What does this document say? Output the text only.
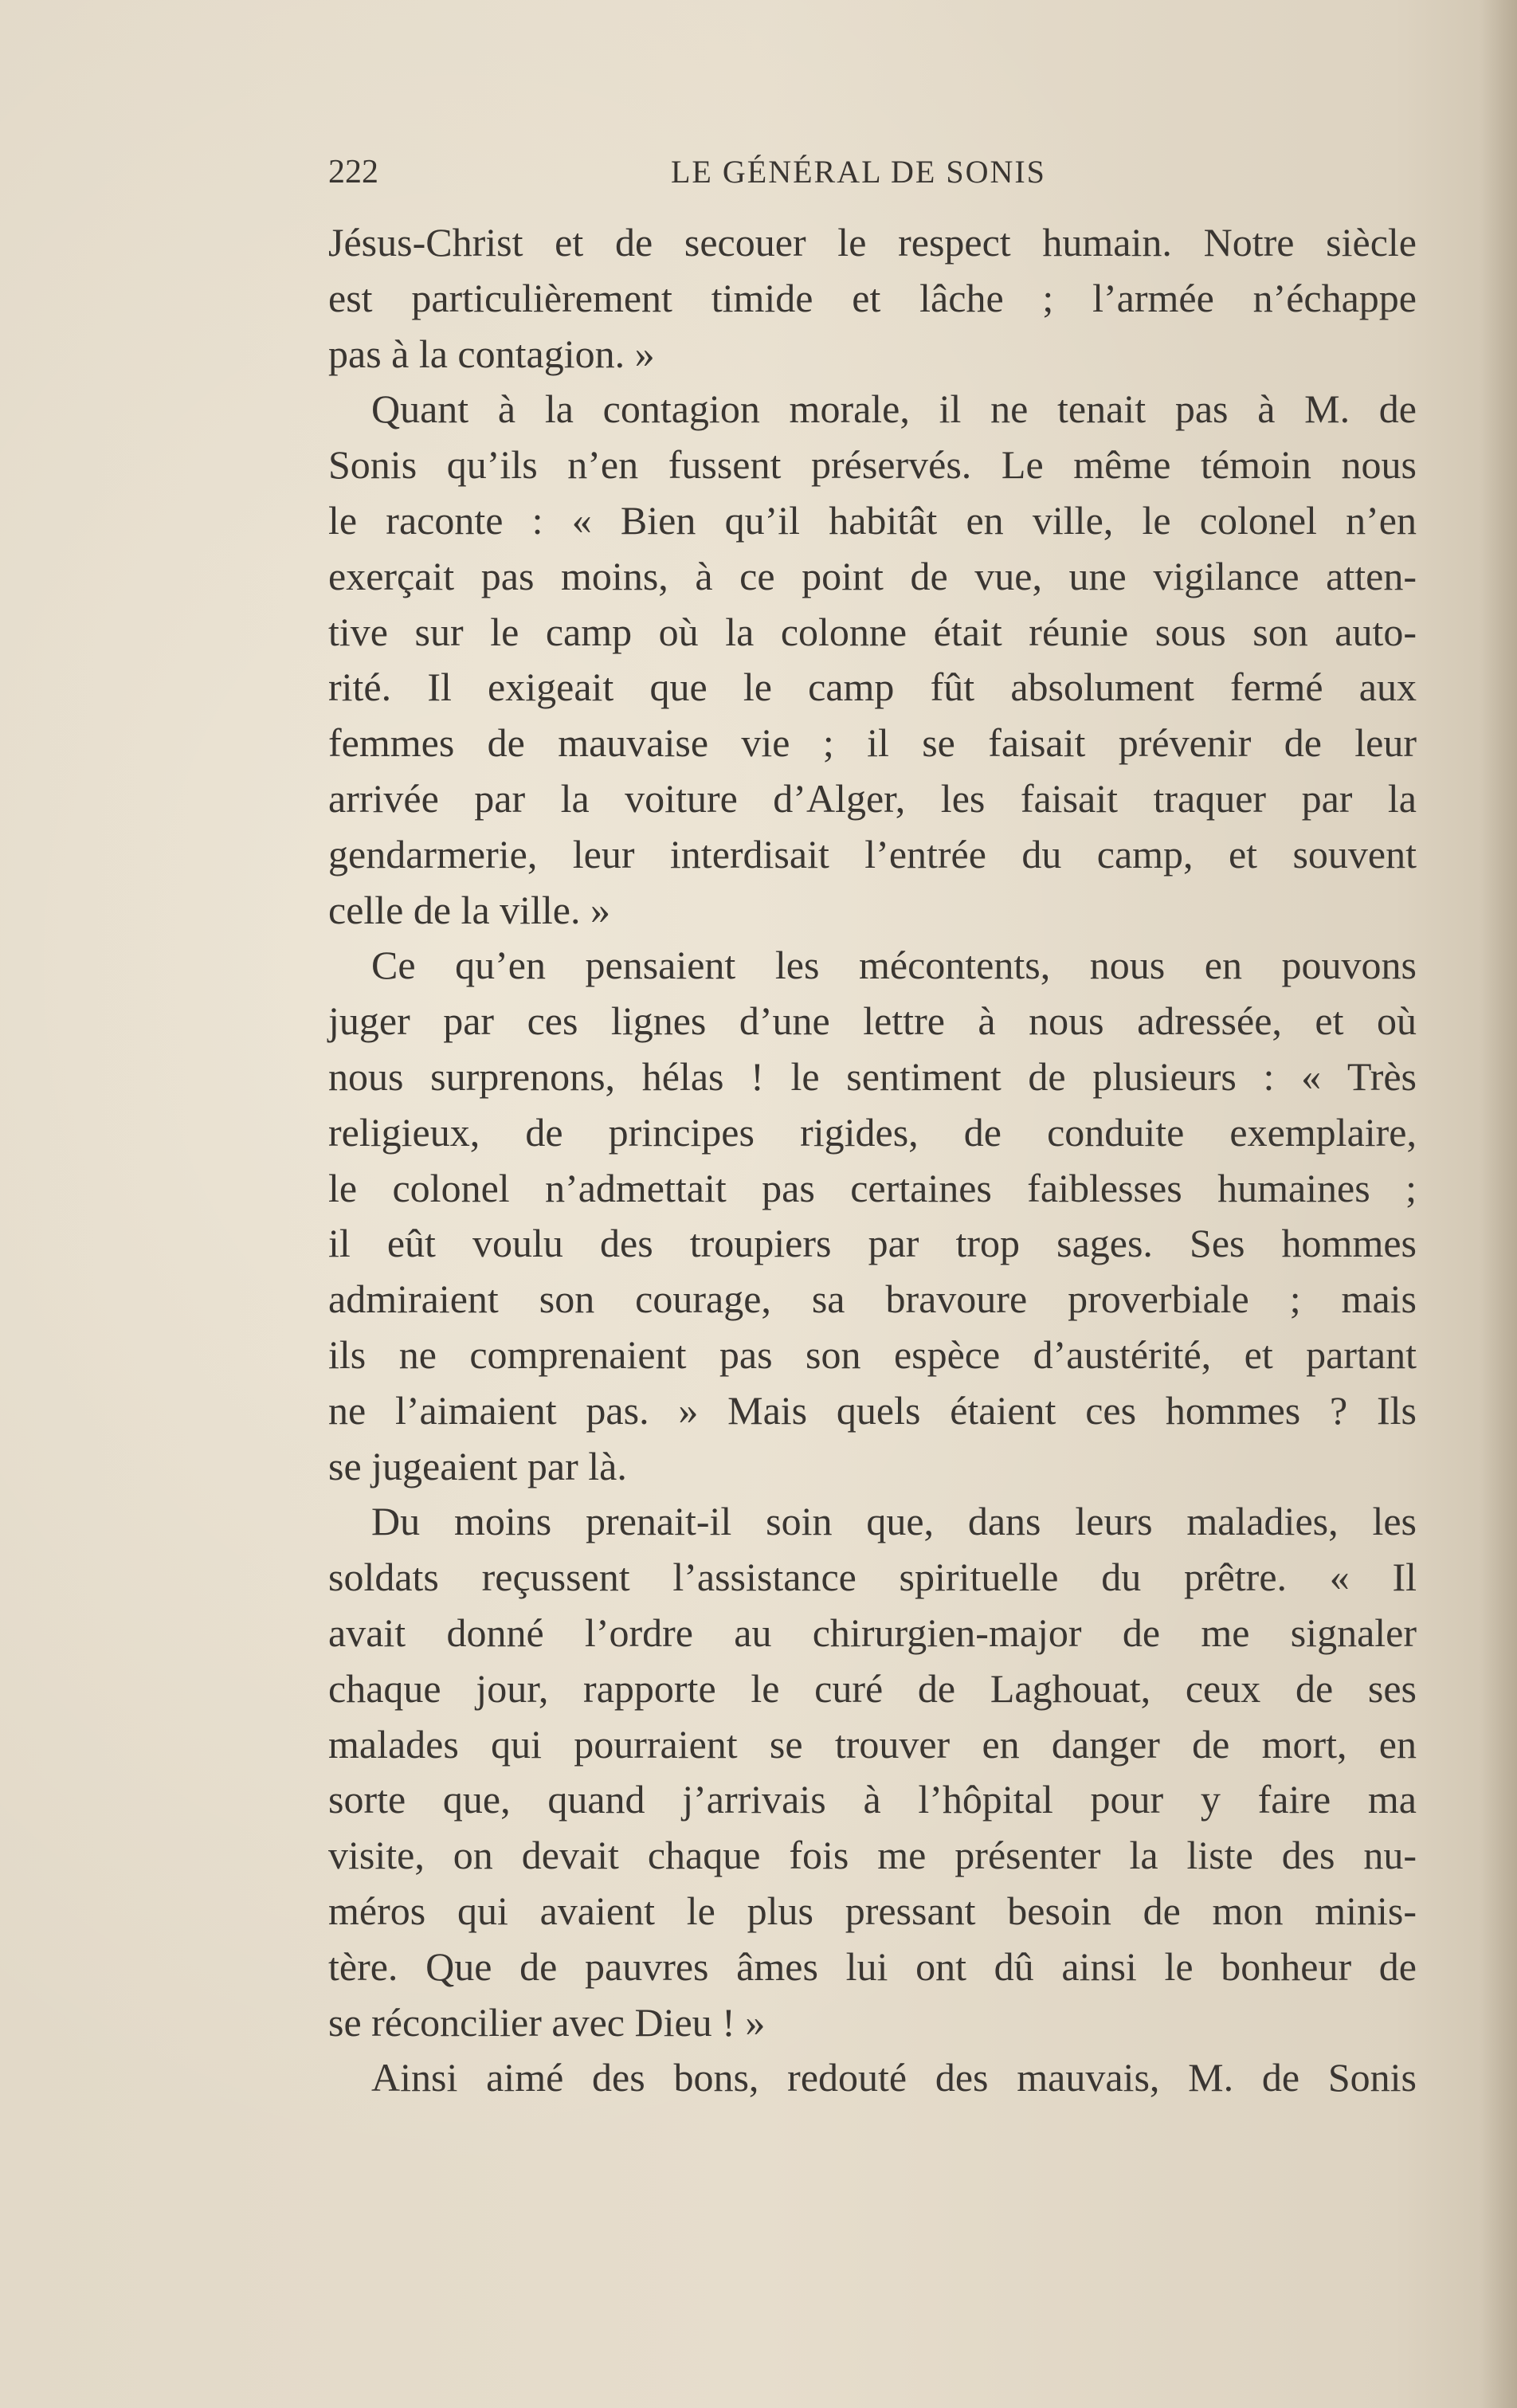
222	LE GÉNÉRAL DE SONIS
Jésus-Christ et de secouer le respect humain. Notre siècle
est particulièrement timide et lâche ; l’armée n’échappe
pas à la contagion. »
Quant à la contagion morale, il ne tenait pas à M. de
Sonis qu’ils n’en fussent préservés. Le même témoin nous
le raconte : « Bien qu’il habitât en ville, le colonel n’en
exerçait pas moins, à ce point de vue, une vigilance atten-
tive sur le camp où la colonne était réunie sous son auto-
rité. Il exigeait que le camp fût absolument fermé aux
femmes de mauvaise vie ; il se faisait prévenir de leur
arrivée par la voiture d’Alger, les faisait traquer par la
gendarmerie, leur interdisait l’entrée du camp, et souvent
celle de la ville. »
Ce qu’en pensaient les mécontents, nous en pouvons
juger par ces lignes d’une lettre à nous adressée, et où
nous surprenons, hélas ! le sentiment de plusieurs : « Très
religieux, de principes rigides, de conduite exemplaire,
le colonel n’admettait pas certaines faiblesses humaines ;
il eût voulu des troupiers par trop sages. Ses hommes
admiraient son courage, sa bravoure proverbiale ; mais
ils ne comprenaient pas son espèce d’austérité, et partant
ne l’aimaient pas. » Mais quels étaient ces hommes ? Ils
se jugeaient par là.
Du moins prenait-il soin que, dans leurs maladies, les
soldats reçussent l’assistance spirituelle du prêtre. « Il
avait donné l’ordre au chirurgien-major de me signaler
chaque jour, rapporte le curé de Laghouat, ceux de ses
malades qui pourraient se trouver en danger de mort, en
sorte que, quand j’arrivais à l’hôpital pour y faire ma
visite, on devait chaque fois me présenter la liste des nu-
méros qui avaient le plus pressant besoin de mon minis-
tère. Que de pauvres âmes lui ont dû ainsi le bonheur de
se réconcilier avec Dieu ! »
Ainsi aimé des bons, redouté des mauvais, M. de Sonis
